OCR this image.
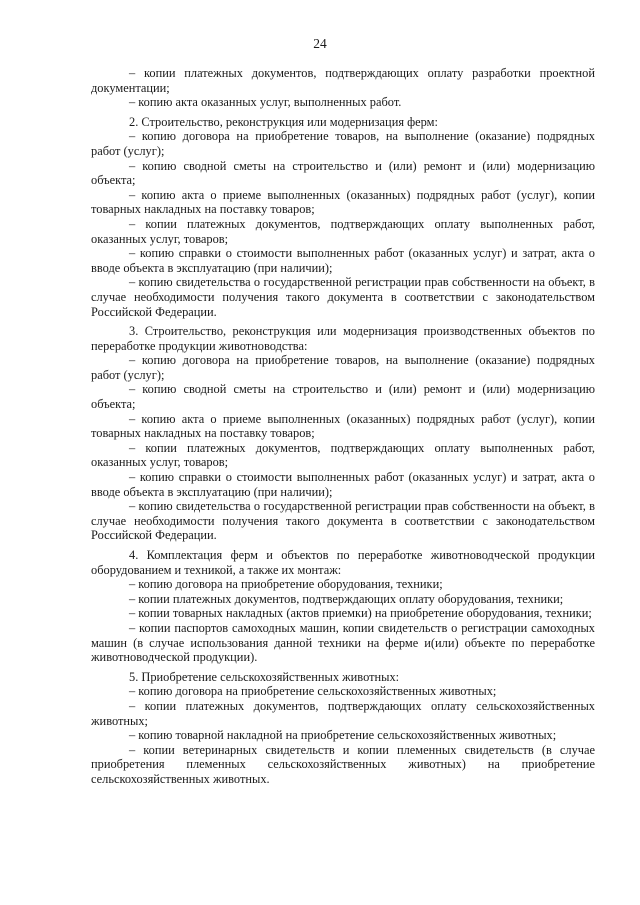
24

– копии платежных документов, подтверждающих оплату разработки проектной документации;

– копию акта оказанных услуг, выполненных работ.

2. Строительство, реконструкция или модернизация ферм:

– копию договора на приобретение товаров, на выполнение (оказание) подрядных работ (услуг);

– копию сводной сметы на строительство и (или) ремонт и (или) модернизацию объекта;

– копию акта о приеме выполненных (оказанных) подрядных работ (услуг), копии товарных накладных на поставку товаров;

– копии платежных документов, подтверждающих оплату выполненных работ, оказанных услуг, товаров;

– копию справки о стоимости выполненных работ (оказанных услуг) и затрат, акта о вводе объекта в эксплуатацию (при наличии);

– копию свидетельства о государственной регистрации прав собственности на объект, в случае необходимости получения такого документа в соответствии с законодательством Российской Федерации.

3. Строительство, реконструкция или модернизация производственных объектов по переработке продукции животноводства:

– копию договора на приобретение товаров, на выполнение (оказание) подрядных работ (услуг);

– копию сводной сметы на строительство и (или) ремонт и (или) модернизацию объекта;

– копию акта о приеме выполненных (оказанных) подрядных работ (услуг), копии товарных накладных на поставку товаров;

– копии платежных документов, подтверждающих оплату выполненных работ, оказанных услуг, товаров;

– копию справки о стоимости выполненных работ (оказанных услуг) и затрат, акта о вводе объекта в эксплуатацию (при наличии);

– копию свидетельства о государственной регистрации прав собственности на объект, в случае необходимости получения такого документа в соответствии с законодательством Российской Федерации.

4. Комплектация ферм и объектов по переработке животноводческой продукции оборудованием и техникой, а также их монтаж:

– копию договора на приобретение оборудования, техники;

– копии платежных документов, подтверждающих оплату оборудования, техники;

– копии товарных накладных (актов приемки) на приобретение оборудования, техники;

– копии паспортов самоходных машин, копии свидетельств о регистрации самоходных машин (в случае использования данной техники на ферме и(или) объекте по переработке животноводческой продукции).

5. Приобретение сельскохозяйственных животных:

– копию договора на приобретение сельскохозяйственных животных;

– копии платежных документов, подтверждающих оплату сельскохозяйственных животных;

– копию товарной накладной на приобретение сельскохозяйственных животных;

– копии ветеринарных свидетельств и копии племенных свидетельств (в случае приобретения племенных сельскохозяйственных животных) на приобретение сельскохозяйственных животных.
